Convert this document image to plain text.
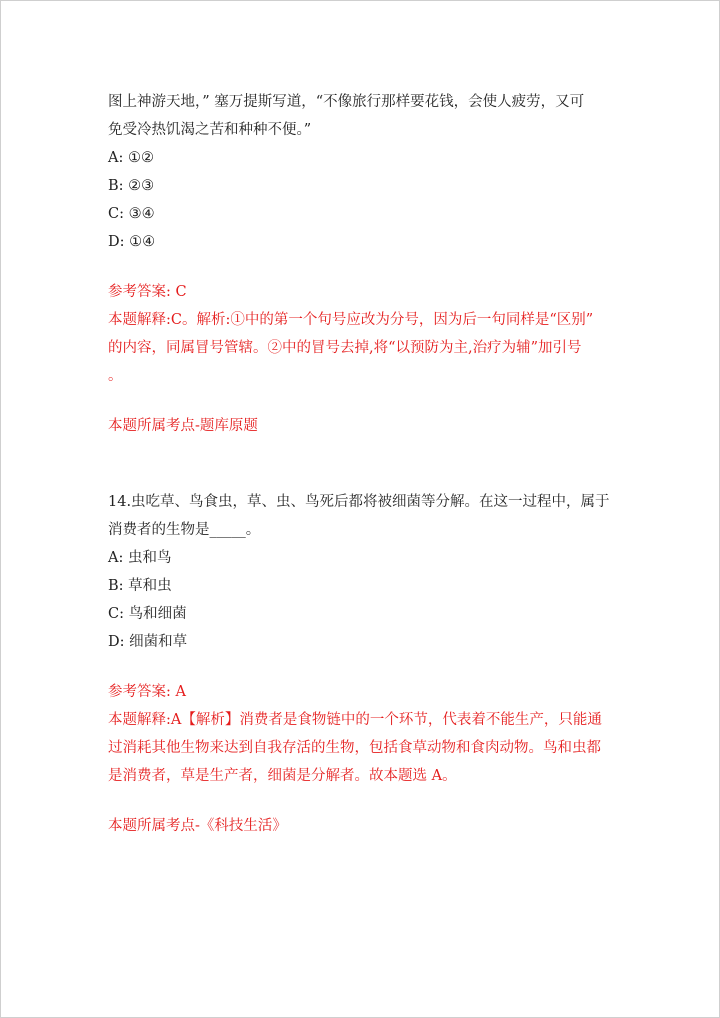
图上神游天地，” 塞万提斯写道，“不像旅行那样要花钱，会使人疲劳，又可
免受冷热饥渴之苦和种种不便。”
A: ①②
B: ②③
C: ③④
D: ①④
参考答案: C
本题解释:C。解析:①中的第一个句号应改为分号，因为后一句同样是“区别”
的内容，同属冒号管辖。②中的冒号去掉,将“以预防为主,治疗为辅”加引号
。
本题所属考点-题库原题
14.虫吃草、鸟食虫，草、虫、鸟死后都将被细菌等分解。在这一过程中，属于
消费者的生物是_____。
A: 虫和鸟
B: 草和虫
C: 鸟和细菌
D: 细菌和草
参考答案: A
本题解释:A【解析】消费者是食物链中的一个环节，代表着不能生产，只能通
过消耗其他生物来达到自我存活的生物，包括食草动物和食肉动物。鸟和虫都
是消费者，草是生产者，细菌是分解者。故本题选 A。
本题所属考点-《科技生活》
